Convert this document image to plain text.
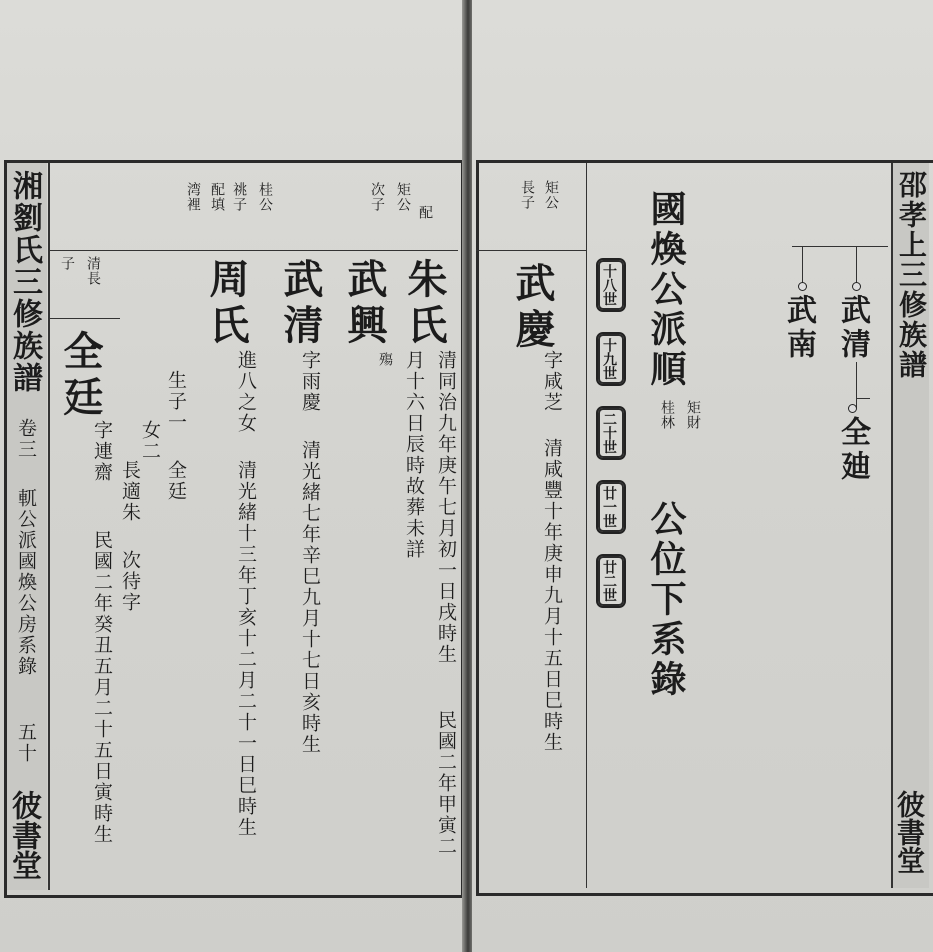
湘劉氏三修族譜
卷三
軏公派國煥公房系錄
五十
彼書堂
配
矩公
次子
桂公
祧子
配填
湾裡
朱氏
清同治九年庚午七月初一日戌時生
民國二年甲寅二
月十六日辰時故葬未詳
武興
殤
武清
字雨慶
清光緒七年辛巳九月十七日亥時生
周氏
進八之女
清光緒十三年丁亥十二月二十一日巳時生
生子一
全廷
女二
長適朱
次待字
清長
子
全廷
字連齋
民國二年癸丑五月二十五日寅時生
邵孝上三修族譜
彼書堂
矩公
長子
武慶
字咸芝
清咸豐十年庚申九月十五日巳時生
十八世
十九世
二十世
廿一世
廿二世
國煥公派順
矩財
桂林
公位下系錄
武清
武南
全廸
